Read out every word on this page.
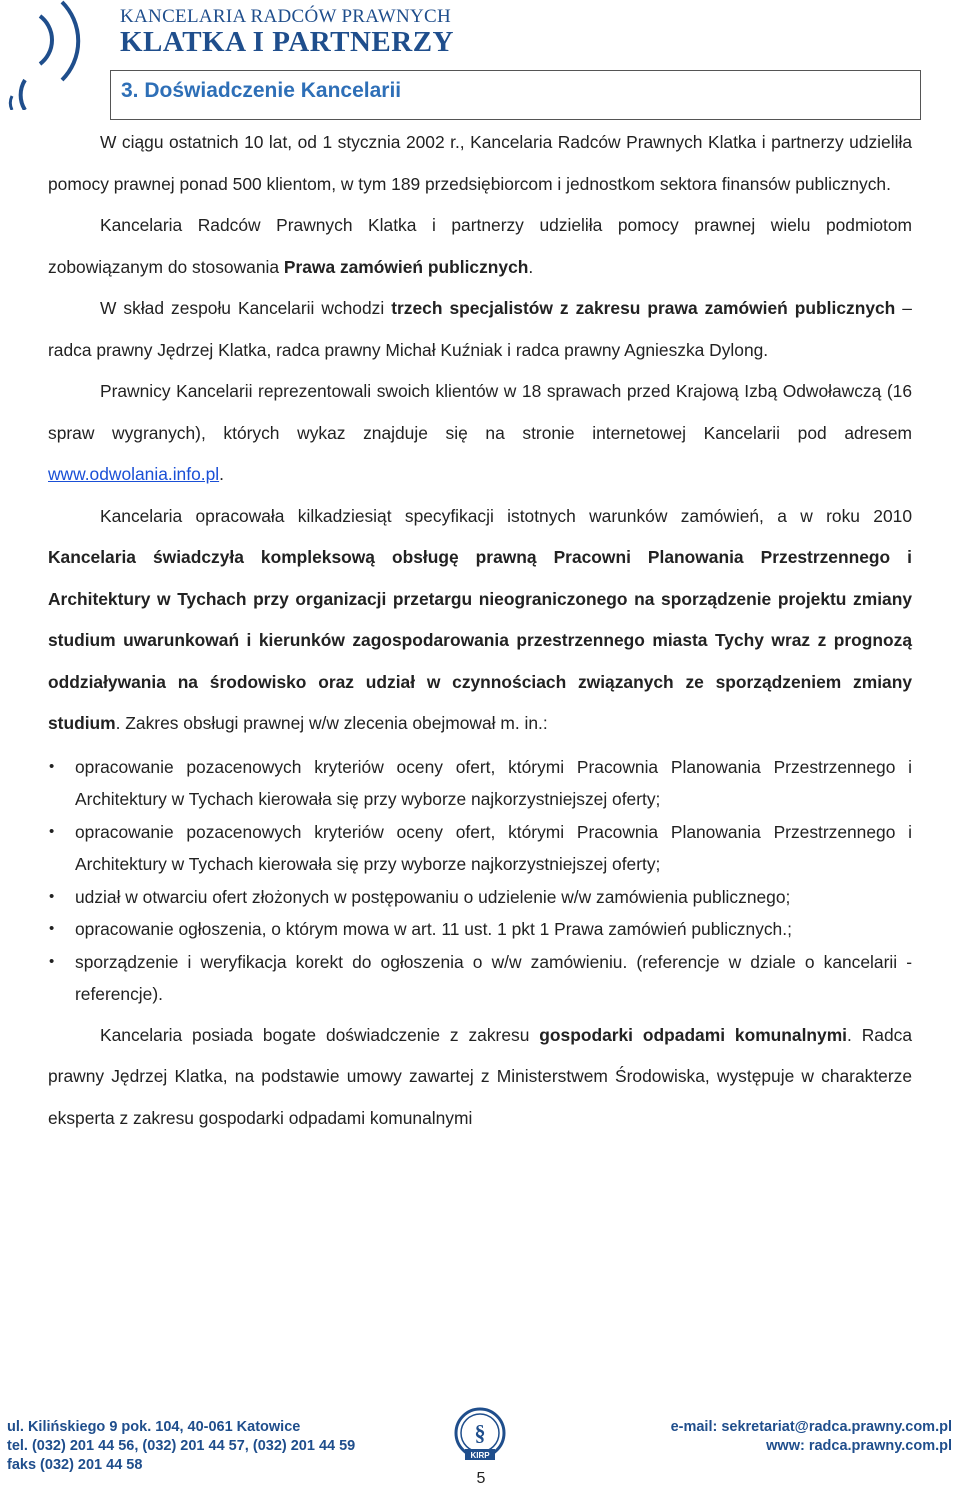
KANCELARIA RADCÓW PRAWNYCH
KLATKA I PARTNERZY
3. Doświadczenie Kancelarii

W ciągu ostatnich 10 lat, od 1 stycznia 2002 r., Kancelaria Radców Prawnych Klatka i partnerzy udzieliła pomocy prawnej ponad 500 klientom, w tym 189 przedsiębiorcom i jednostkom sektora finansów publicznych.

Kancelaria Radców Prawnych Klatka i partnerzy udzieliła pomocy prawnej wielu podmiotom zobowiązanym do stosowania Prawa zamówień publicznych.

W skład zespołu Kancelarii wchodzi trzech specjalistów z zakresu prawa zamówień publicznych – radca prawny Jędrzej Klatka, radca prawny Michał Kuźniak i radca prawny Agnieszka Dylong.

Prawnicy Kancelarii reprezentowali swoich klientów w 18 sprawach przed Krajową Izbą Odwoławczą (16 spraw wygranych), których wykaz znajduje się na stronie internetowej Kancelarii pod adresem www.odwolania.info.pl.

Kancelaria opracowała kilkadziesiąt specyfikacji istotnych warunków zamówień, a w roku 2010 Kancelaria świadczyła kompleksową obsługę prawną Pracowni Planowania Przestrzennego i Architektury w Tychach przy organizacji przetargu nieograniczonego na sporządzenie projektu zmiany studium uwarunkowań i kierunków zagospodarowania przestrzennego miasta Tychy wraz z prognozą oddziaływania na środowisko oraz udział w czynnościach związanych ze sporządzeniem zmiany studium. Zakres obsługi prawnej w/w zlecenia obejmował m. in.:

• opracowanie pozacenowych kryteriów oceny ofert, którymi Pracownia Planowania Przestrzennego i Architektury w Tychach kierowała się przy wyborze najkorzystniejszej oferty;
• opracowanie pozacenowych kryteriów oceny ofert, którymi Pracownia Planowania Przestrzennego i Architektury w Tychach kierowała się przy wyborze najkorzystniejszej oferty;
• udział w otwarciu ofert złożonych w postępowaniu o udzielenie w/w zamówienia publicznego;
• opracowanie ogłoszenia, o którym mowa w art. 11 ust. 1 pkt 1 Prawa zamówień publicznych.;
• sporządzenie i weryfikacja korekt do ogłoszenia o w/w zamówieniu. (referencje w dziale o kancelarii - referencje).

Kancelaria posiada bogate doświadczenie z zakresu gospodarki odpadami komunalnymi. Radca prawny Jędrzej Klatka, na podstawie umowy zawartej z Ministerstwem Środowiska, występuje w charakterze eksperta z zakresu gospodarki odpadami komunalnymi

ul. Kilińskiego 9 pok. 104, 40-061 Katowice
tel. (032) 201 44 56, (032) 201 44 57, (032) 201 44 59
faks (032) 201 44 58
§
KIRP
e-mail: sekretariat@radca.prawny.com.pl
www: radca.prawny.com.pl
5
